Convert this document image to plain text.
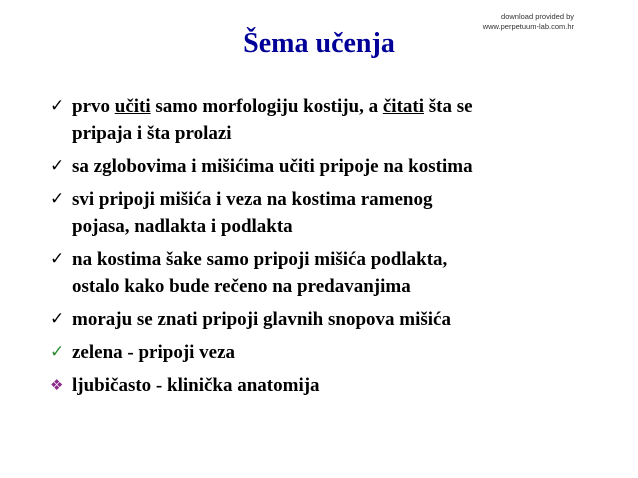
download provided by
www.perpetuum-lab.com.hr
Šema učenja
✓ prvo učiti samo morfologiju kostiju, a čitati šta se
pripaja i šta prolazi
✓ sa zglobovima i mišićima učiti pripoje na kostima
✓ svi pripoji mišića i veza na kostima ramenog
pojasa, nadlakta i podlakta
✓ na kostima šake samo pripoji mišića podlakta,
ostalo kako bude rečeno na predavanjima
✓ moraju se znati pripoji glavnih snopova mišića
✓ zelena - pripoji veza
❖ ljubičasto - klinička anatomija
